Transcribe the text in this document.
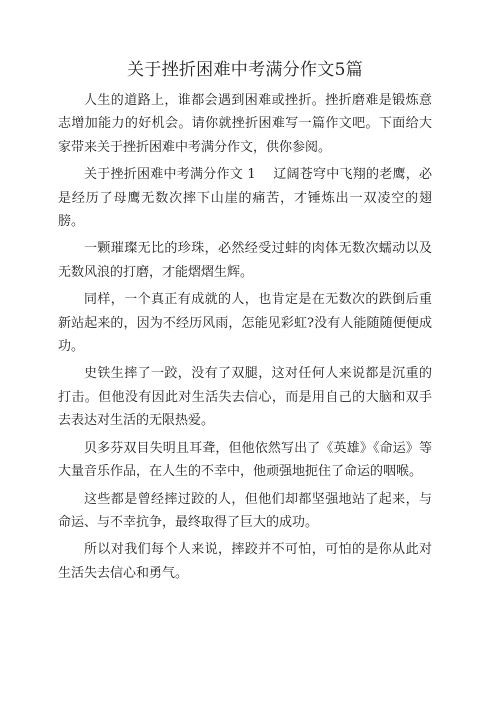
关于挫折困难中考满分作文5篇

人生的道路上，谁都会遇到困难或挫折。挫折磨难是锻炼意志增加能力的好机会。请你就挫折困难写一篇作文吧。下面给大家带来关于挫折困难中考满分作文，供你参阅。

关于挫折困难中考满分作文 1    辽阔苍穹中飞翔的老鹰，必是经历了母鹰无数次摔下山崖的痛苦，才锤炼出一双凌空的翅膀。

一颗璀璨无比的珍珠，必然经受过蚌的肉体无数次蠕动以及无数风浪的打磨，才能熠熠生辉。

同样，一个真正有成就的人，也肯定是在无数次的跌倒后重新站起来的，因为不经历风雨，怎能见彩虹?没有人能随随便便成功。

史铁生摔了一跤，没有了双腿，这对任何人来说都是沉重的打击。但他没有因此对生活失去信心，而是用自己的大脑和双手去表达对生活的无限热爱。

贝多芬双目失明且耳聋，但他依然写出了《英雄》《命运》等大量音乐作品，在人生的不幸中，他顽强地扼住了命运的咽喉。

这些都是曾经摔过跤的人，但他们却都坚强地站了起来，与命运、与不幸抗争，最终取得了巨大的成功。

所以对我们每个人来说，摔跤并不可怕，可怕的是你从此对生活失去信心和勇气。
